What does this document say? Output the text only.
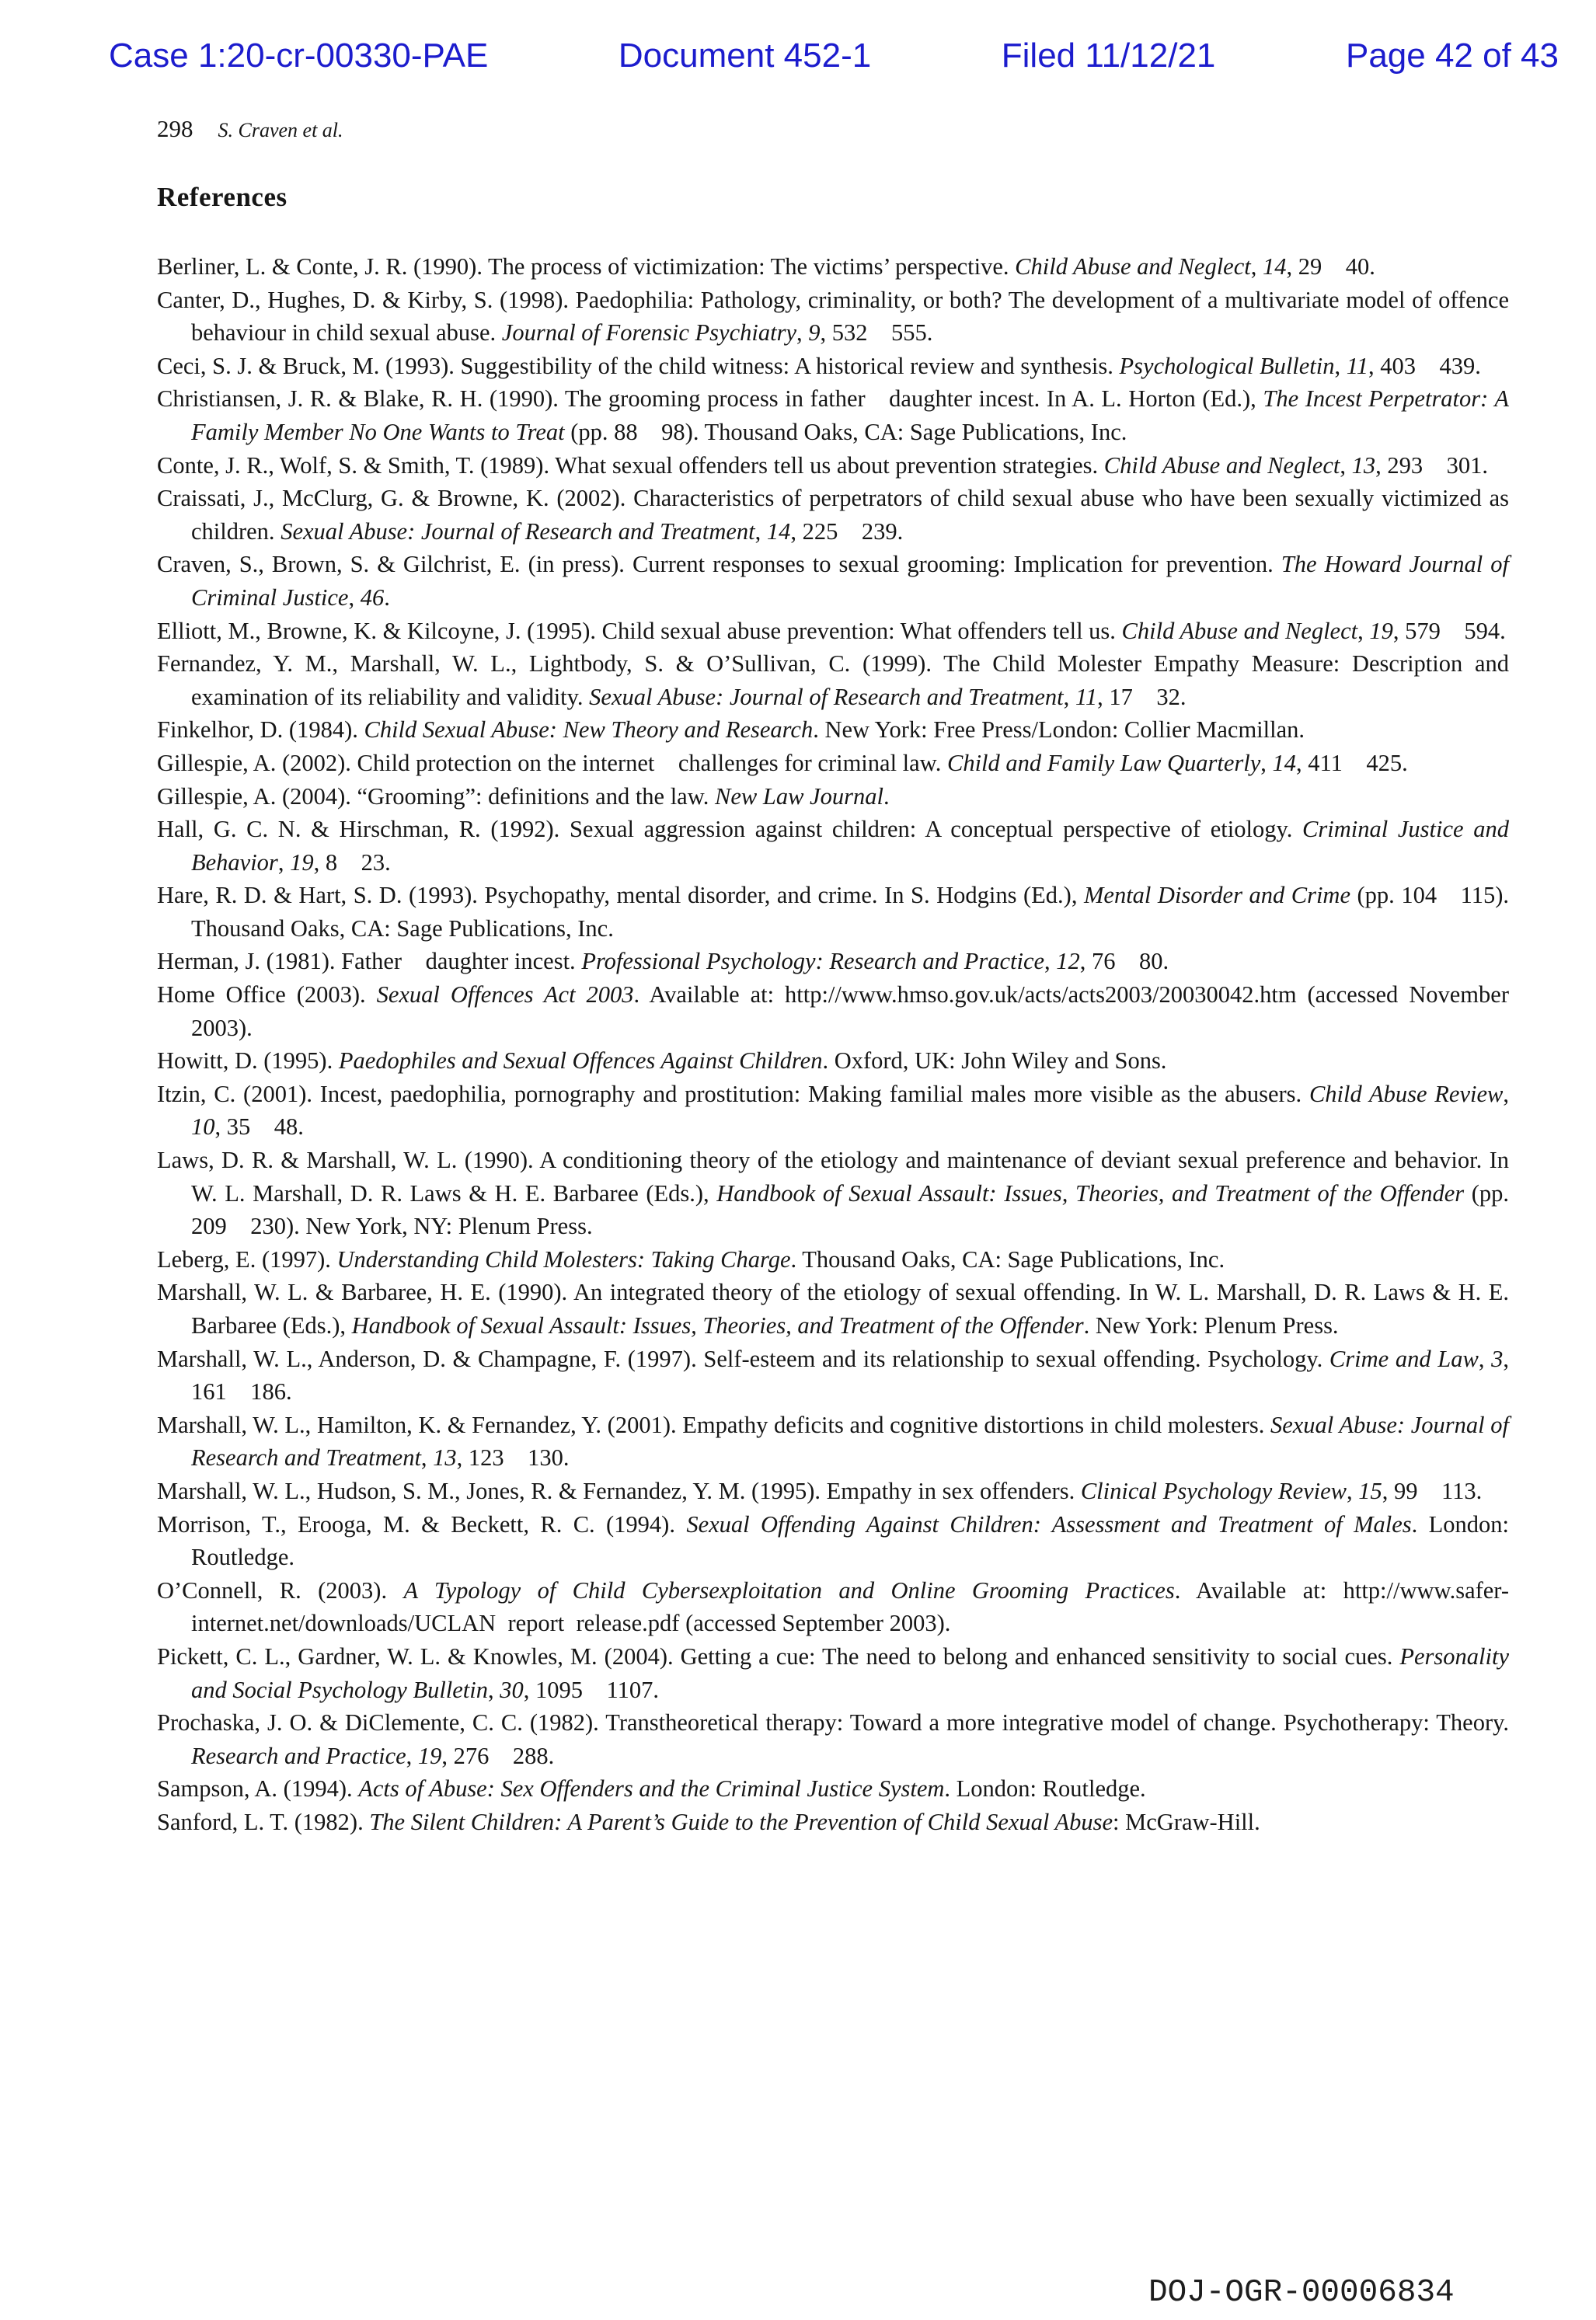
Case 1:20-cr-00330-PAE	Document 452-1	Filed 11/12/21	Page 42 of 43
298 S. Craven et al.
References

Berliner, L. & Conte, J. R. (1990). The process of victimization: The victims’ perspective. Child Abuse and Neglect, 14, 29 40.

Canter, D., Hughes, D. & Kirby, S. (1998). Paedophilia: Pathology, criminality, or both? The development of a multivariate model of offence behaviour in child sexual abuse. Journal of Forensic Psychiatry, 9, 532 555.

Ceci, S. J. & Bruck, M. (1993). Suggestibility of the child witness: A historical review and synthesis. Psychological Bulletin, 11, 403 439.

Christiansen, J. R. & Blake, R. H. (1990). The grooming process in father daughter incest. In A. L. Horton (Ed.), The Incest Perpetrator: A Family Member No One Wants to Treat (pp. 88 98). Thousand Oaks, CA: Sage Publications, Inc.

Conte, J. R., Wolf, S. & Smith, T. (1989). What sexual offenders tell us about prevention strategies. Child Abuse and Neglect, 13, 293 301.

Craissati, J., McClurg, G. & Browne, K. (2002). Characteristics of perpetrators of child sexual abuse who have been sexually victimized as children. Sexual Abuse: Journal of Research and Treatment, 14, 225 239.

Craven, S., Brown, S. & Gilchrist, E. (in press). Current responses to sexual grooming: Implication for prevention. The Howard Journal of Criminal Justice, 46.

Elliott, M., Browne, K. & Kilcoyne, J. (1995). Child sexual abuse prevention: What offenders tell us. Child Abuse and Neglect, 19, 579 594.

Fernandez, Y. M., Marshall, W. L., Lightbody, S. & O’Sullivan, C. (1999). The Child Molester Empathy Measure: Description and examination of its reliability and validity. Sexual Abuse: Journal of Research and Treatment, 11, 17 32.

Finkelhor, D. (1984). Child Sexual Abuse: New Theory and Research. New York: Free Press/London: Collier Macmillan.

Gillespie, A. (2002). Child protection on the internet challenges for criminal law. Child and Family Law Quarterly, 14, 411 425.

Gillespie, A. (2004). “Grooming”: definitions and the law. New Law Journal.

Hall, G. C. N. & Hirschman, R. (1992). Sexual aggression against children: A conceptual perspective of etiology. Criminal Justice and Behavior, 19, 8 23.

Hare, R. D. & Hart, S. D. (1993). Psychopathy, mental disorder, and crime. In S. Hodgins (Ed.), Mental Disorder and Crime (pp. 104 115). Thousand Oaks, CA: Sage Publications, Inc.

Herman, J. (1981). Father daughter incest. Professional Psychology: Research and Practice, 12, 76 80.

Home Office (2003). Sexual Offences Act 2003. Available at: http://www.hmso.gov.uk/acts/acts2003/20030042.htm (accessed November 2003).

Howitt, D. (1995). Paedophiles and Sexual Offences Against Children. Oxford, UK: John Wiley and Sons.

Itzin, C. (2001). Incest, paedophilia, pornography and prostitution: Making familial males more visible as the abusers. Child Abuse Review, 10, 35 48.

Laws, D. R. & Marshall, W. L. (1990). A conditioning theory of the etiology and maintenance of deviant sexual preference and behavior. In W. L. Marshall, D. R. Laws & H. E. Barbaree (Eds.), Handbook of Sexual Assault: Issues, Theories, and Treatment of the Offender (pp. 209 230). New York, NY: Plenum Press.

Leberg, E. (1997). Understanding Child Molesters: Taking Charge. Thousand Oaks, CA: Sage Publications, Inc.

Marshall, W. L. & Barbaree, H. E. (1990). An integrated theory of the etiology of sexual offending. In W. L. Marshall, D. R. Laws & H. E. Barbaree (Eds.), Handbook of Sexual Assault: Issues, Theories, and Treatment of the Offender. New York: Plenum Press.

Marshall, W. L., Anderson, D. & Champagne, F. (1997). Self-esteem and its relationship to sexual offending. Psychology. Crime and Law, 3, 161 186.

Marshall, W. L., Hamilton, K. & Fernandez, Y. (2001). Empathy deficits and cognitive distortions in child molesters. Sexual Abuse: Journal of Research and Treatment, 13, 123 130.

Marshall, W. L., Hudson, S. M., Jones, R. & Fernandez, Y. M. (1995). Empathy in sex offenders. Clinical Psychology Review, 15, 99 113.

Morrison, T., Erooga, M. & Beckett, R. C. (1994). Sexual Offending Against Children: Assessment and Treatment of Males. London: Routledge.

O’Connell, R. (2003). A Typology of Child Cybersexploitation and Online Grooming Practices. Available at: http://​www.safer-internet.net/downloads/UCLAN report release.pdf (accessed September 2003).

Pickett, C. L., Gardner, W. L. & Knowles, M. (2004). Getting a cue: The need to belong and enhanced sensitivity to social cues. Personality and Social Psychology Bulletin, 30, 1095 1107.

Prochaska, J. O. & DiClemente, C. C. (1982). Transtheoretical therapy: Toward a more integrative model of change. Psychotherapy: Theory. Research and Practice, 19, 276 288.

Sampson, A. (1994). Acts of Abuse: Sex Offenders and the Criminal Justice System. London: Routledge.

Sanford, L. T. (1982). The Silent Children: A Parent’s Guide to the Prevention of Child Sexual Abuse: McGraw-Hill.

DOJ-OGR-00006834
